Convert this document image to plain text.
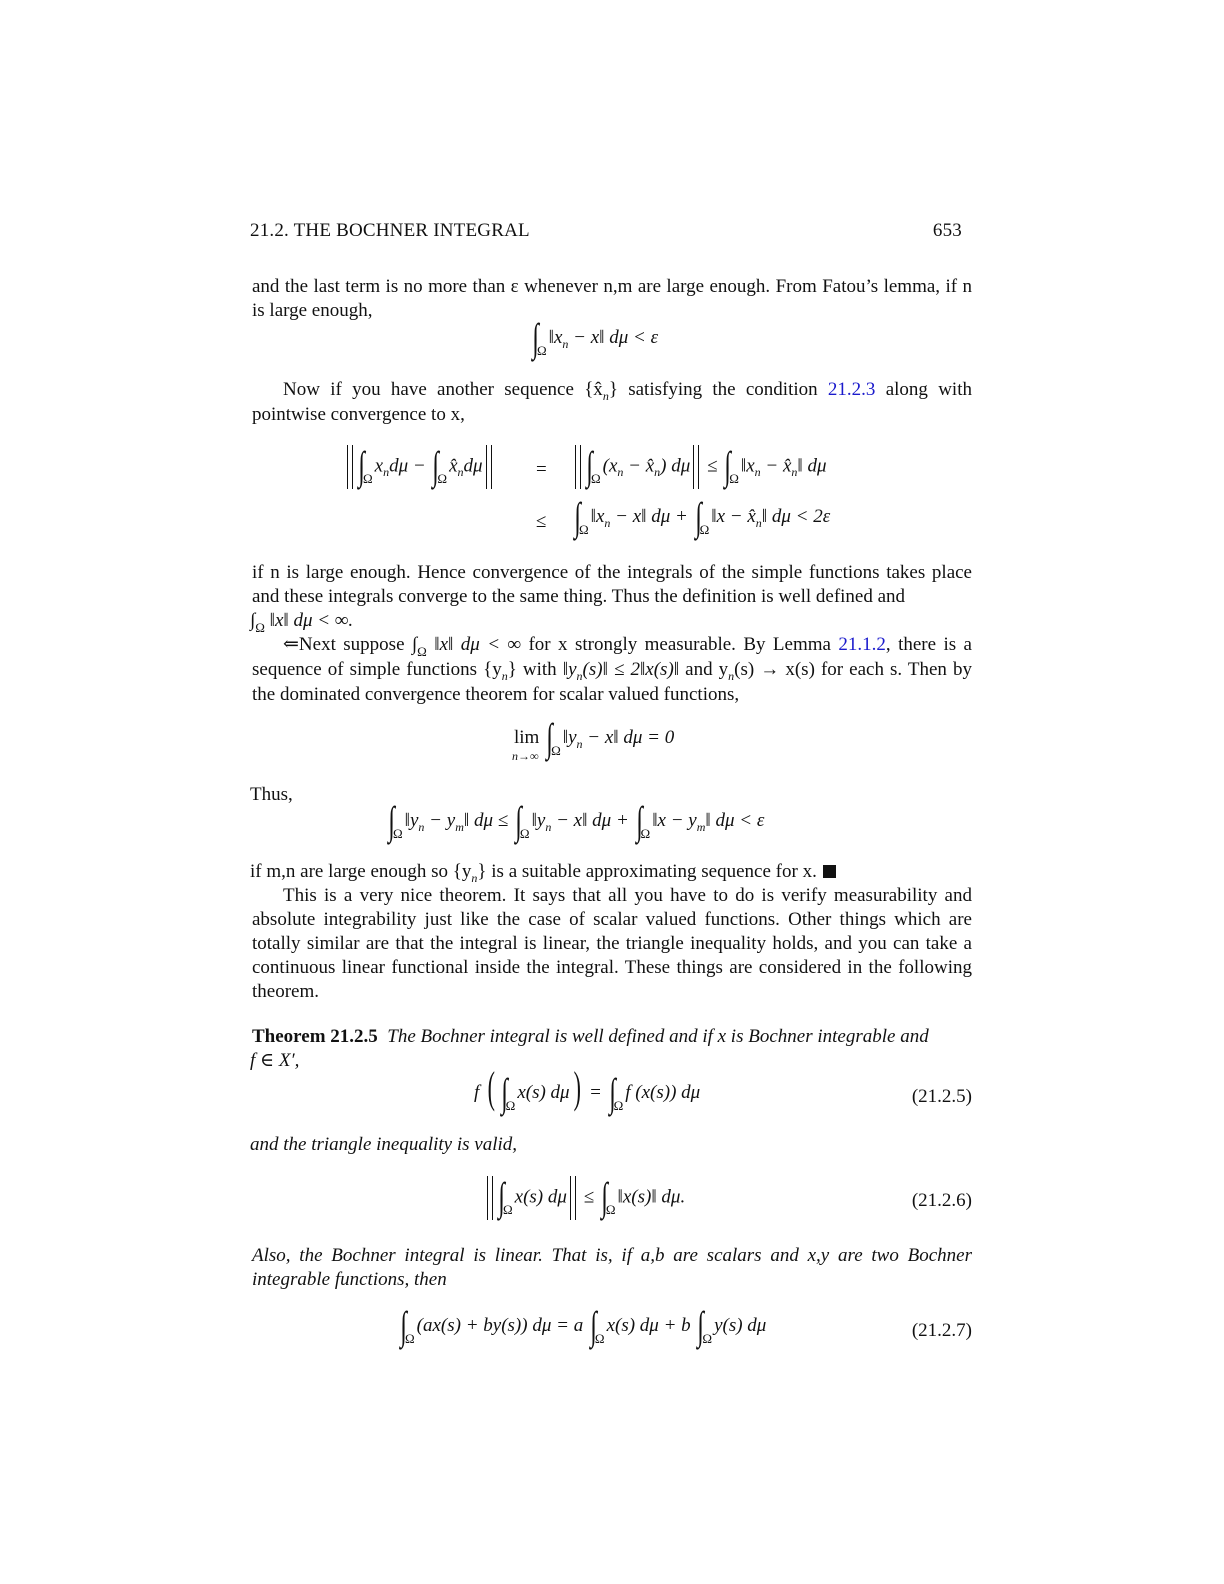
21.2. THE BOCHNER INTEGRAL	653
and the last term is no more than ε whenever n,m are large enough. From Fatou’s lemma, if n is large enough,
$\int_\Omega‖x_n$ − x‖ dμ < ε
Now if you have another sequence $\{x̂_n\}$ satisfying the condition 21.2.3 along with pointwise convergence to x,
$\int_\Omega x_nd\mu$ − $\int_\Omega x̂_nd\mu$	= $\int_\Omega(x_n$ − $x̂_n$) $d\mu \le \int_\Omega‖x_n$ − $x̂_n‖$ dμ
≤ $\int_\Omega‖x_n$ − x‖ $d\mu + \int_\Omega‖x$ − $x̂_n‖$ dμ < 2ε
if n is large enough. Hence convergence of the integrals of the simple functions takes place and these integrals converge to the same thing. Thus the definition is well defined and
$\int_\Omega$ ‖x‖ dμ < ∞.
⇐Next suppose $\int_\Omega$ ‖x‖ dμ < ∞ for x strongly measurable. By Lemma 21.1.2, there is a sequence of simple functions $\{y_n\}$ with $‖y_n(s)‖$ ≤ 2‖x(s)‖ and $y_n(s) \to x(s)$ for each s. Then by the dominated convergence theorem for scalar valued functions,
lim
n→∞ $\int_\Omega‖y_n$ − x‖ dμ = 0
Thus,
$\int_\Omega‖y_n$ − $y_m‖$ $d\mu \le \int_\Omega‖y_n$ − x‖ $d\mu + \int_\Omega‖x$ − $y_m‖$ dμ < ε
if m,n are large enough so $\{y_n\}$ is a suitable approximating sequence for x.
This is a very nice theorem. It says that all you have to do is verify measurability and absolute integrability just like the case of scalar valued functions. Other things which are totally similar are that the integral is linear, the triangle inequality holds, and you can take a continuous linear functional inside the integral. These things are considered in the following theorem.
Theorem 21.2.5 The Bochner integral is well defined and if x is Bochner integrable and
f ∈ X′,
f ( $\int_\Omega x(s) d\mu) = \int_\Omega f$ (x(s)) dμ	(21.2.5)
and the triangle inequality is valid,
$\int_\Omega x(s) d\mu$ ≤ $\int_\Omega‖x(s)‖$ dμ.	(21.2.6)
Also, the Bochner integral is linear. That is, if a,b are scalars and x,y are two Bochner integrable functions, then
$\int_\Omega(ax(s) + by(s)) d\mu = a$ $\int_\Omega x(s) d\mu + b$ $\int_\Omega y(s)$ dμ	(21.2.7)
